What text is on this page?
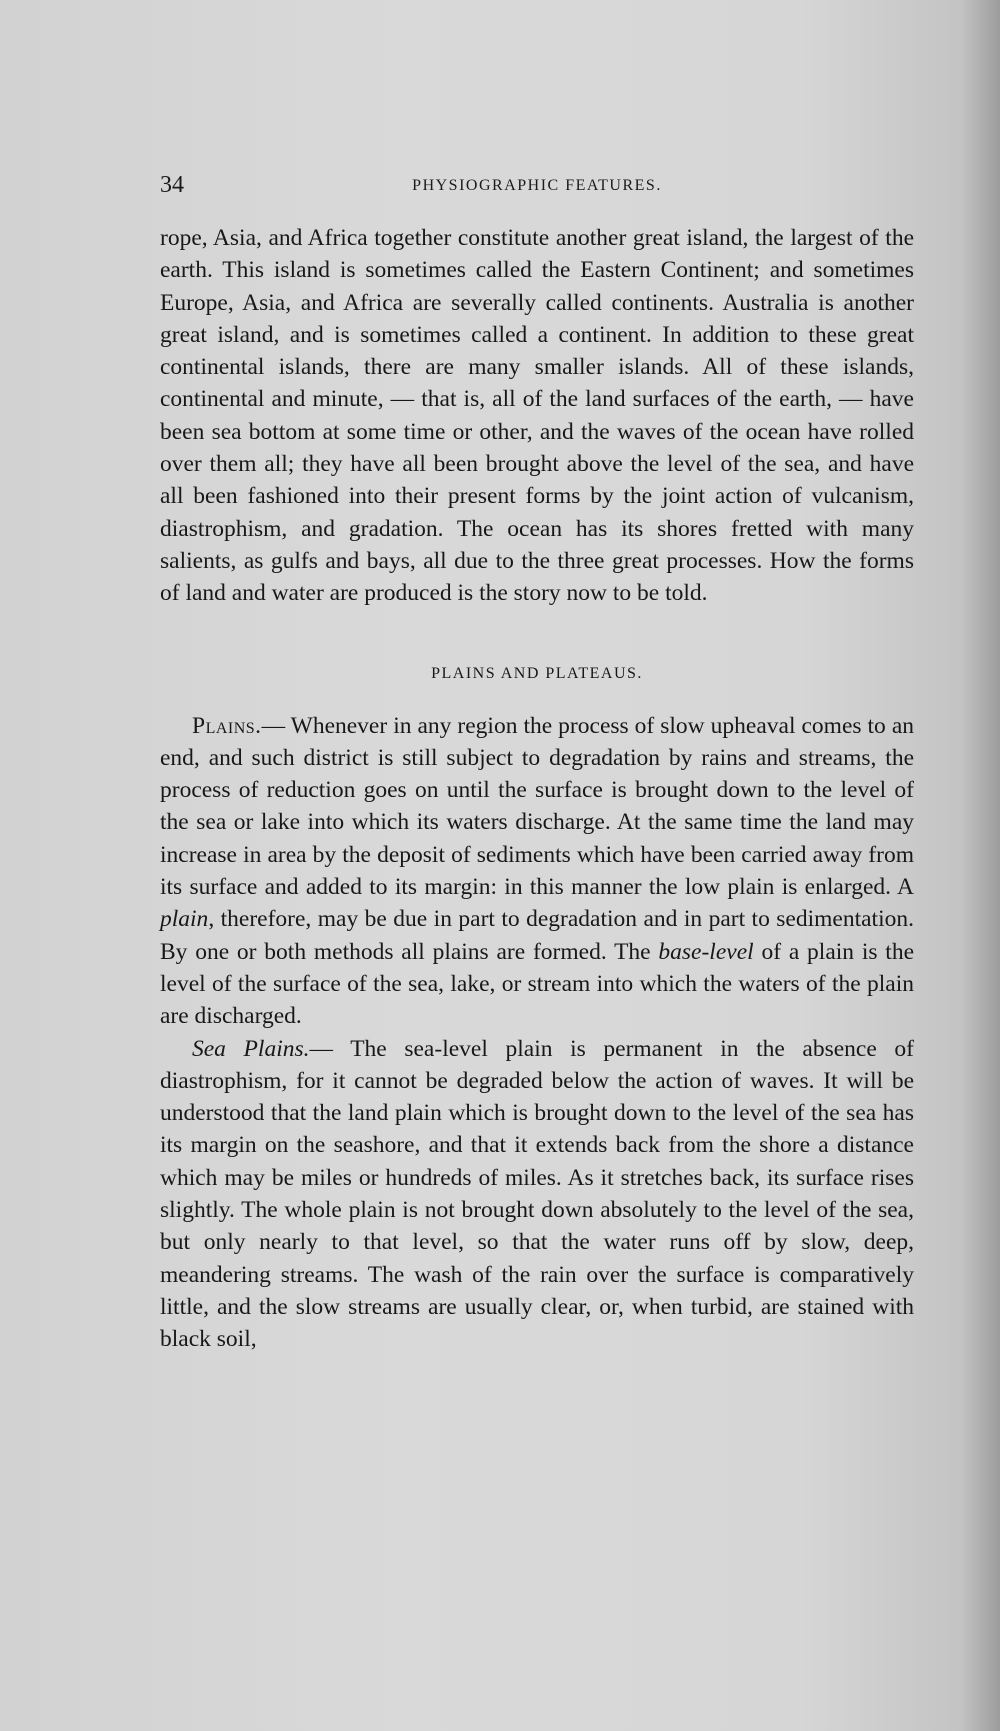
34	PHYSIOGRAPHIC FEATURES.

rope, Asia, and Africa together constitute another great island, the largest of the earth. This island is sometimes called the Eastern Continent; and sometimes Europe, Asia, and Africa are severally called continents. Australia is another great island, and is sometimes called a continent. In addition to these great continental islands, there are many smaller islands. All of these islands, continental and minute, — that is, all of the land surfaces of the earth, — have been sea bottom at some time or other, and the waves of the ocean have rolled over them all; they have all been brought above the level of the sea, and have all been fashioned into their present forms by the joint action of vulcanism, diastrophism, and gradation. The ocean has its shores fretted with many salients, as gulfs and bays, all due to the three great processes. How the forms of land and water are produced is the story now to be told.

PLAINS AND PLATEAUS.

Plains.— Whenever in any region the process of slow upheaval comes to an end, and such district is still subject to degradation by rains and streams, the process of reduction goes on until the surface is brought down to the level of the sea or lake into which its waters discharge. At the same time the land may increase in area by the deposit of sediments which have been carried away from its surface and added to its margin: in this manner the low plain is enlarged. A plain, therefore, may be due in part to degradation and in part to sedimentation. By one or both methods all plains are formed. The base-level of a plain is the level of the surface of the sea, lake, or stream into which the waters of the plain are discharged.

Sea Plains.— The sea-level plain is permanent in the absence of diastrophism, for it cannot be degraded below the action of waves. It will be understood that the land plain which is brought down to the level of the sea has its margin on the seashore, and that it extends back from the shore a distance which may be miles or hundreds of miles. As it stretches back, its surface rises slightly. The whole plain is not brought down absolutely to the level of the sea, but only nearly to that level, so that the water runs off by slow, deep, meandering streams. The wash of the rain over the surface is comparatively little, and the slow streams are usually clear, or, when turbid, are stained with black soil,
